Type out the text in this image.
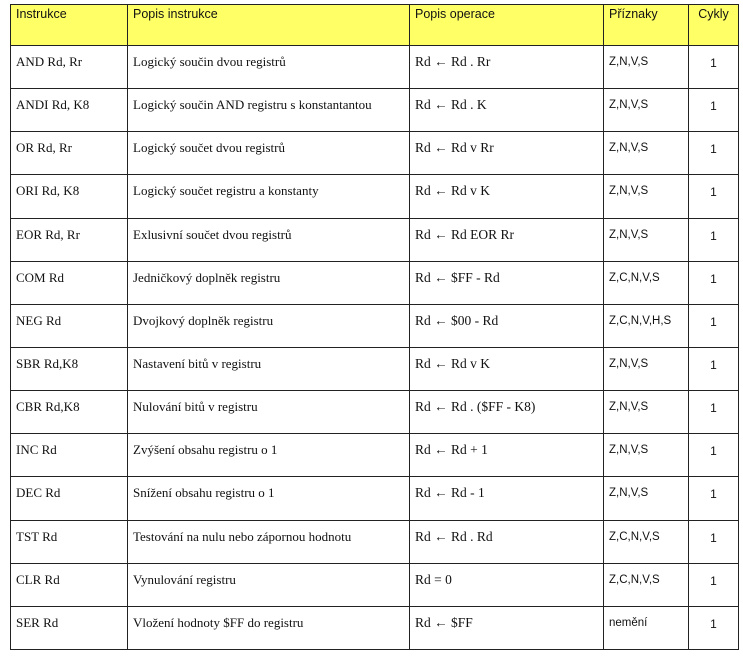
Instrukce	Popis instrukce	Popis operace	Příznaky	Cykly
AND Rd, Rr	Logický součin dvou registrů	Rd ← Rd . Rr	Z,N,V,S	1
ANDI Rd, K8	Logický součin AND registru s konstantantou	Rd ← Rd . K	Z,N,V,S	1
OR Rd, Rr	Logický součet dvou registrů	Rd ← Rd v Rr	Z,N,V,S	1
ORI Rd, K8	Logický součet registru a konstanty	Rd ← Rd v K	Z,N,V,S	1
EOR Rd, Rr	Exlusivní součet dvou registrů	Rd ← Rd EOR Rr	Z,N,V,S	1
COM Rd	Jedničkový doplněk registru	Rd ← $FF - Rd	Z,C,N,V,S	1
NEG Rd	Dvojkový doplněk registru	Rd ← $00 - Rd	Z,C,N,V,H,S	1
SBR Rd,K8	Nastavení bitů v registru	Rd ← Rd v K	Z,N,V,S	1
CBR Rd,K8	Nulování bitů v registru	Rd ← Rd . ($FF - K8)	Z,N,V,S	1
INC Rd	Zvýšení obsahu registru o 1	Rd ← Rd + 1	Z,N,V,S	1
DEC Rd	Snížení obsahu registru o 1	Rd ← Rd - 1	Z,N,V,S	1
TST Rd	Testování na nulu nebo zápornou hodnotu	Rd ← Rd . Rd	Z,C,N,V,S	1
CLR Rd	Vynulování registru	Rd = 0	Z,C,N,V,S	1
SER Rd	Vložení hodnoty $FF do registru	Rd ← $FF	nemění	1
